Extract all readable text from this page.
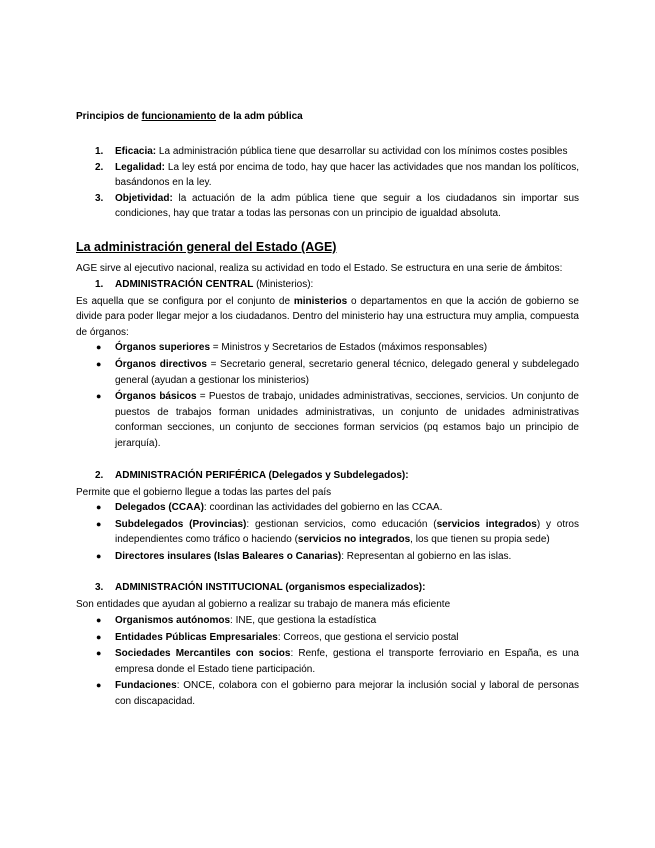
Principios de funcionamiento de la adm pública

1. Eficacia: La administración pública tiene que desarrollar su actividad con los mínimos costes posibles
2. Legalidad: La ley está por encima de todo, hay que hacer las actividades que nos mandan los políticos, basándonos en la ley.
3. Objetividad: la actuación de la adm pública tiene que seguir a los ciudadanos sin importar sus condiciones, hay que tratar a todas las personas con un principio de igualdad absoluta.

La administración general del Estado (AGE)

AGE sirve al ejecutivo nacional, realiza su actividad en todo el Estado. Se estructura en una serie de ámbitos:

1. ADMINISTRACIÓN CENTRAL (Ministerios):

Es aquella que se configura por el conjunto de ministerios o departamentos en que la acción de gobierno se divide para poder llegar mejor a los ciudadanos. Dentro del ministerio hay una estructura muy amplia, compuesta de órganos:

● Órganos superiores = Ministros y Secretarios de Estados (máximos responsables)
● Órganos directivos = Secretario general, secretario general técnico, delegado general y subdelegado general (ayudan a gestionar los ministerios)
● Órganos básicos = Puestos de trabajo, unidades administrativas, secciones, servicios. Un conjunto de puestos de trabajos forman unidades administrativas, un conjunto de unidades administrativas conforman secciones, un conjunto de secciones forman servicios (pq estamos bajo un principio de jerarquía).

2. ADMINISTRACIÓN PERIFÉRICA (Delegados y Subdelegados):

Permite que el gobierno llegue a todas las partes del país

● Delegados (CCAA): coordinan las actividades del gobierno en las CCAA.
● Subdelegados (Provincias): gestionan servicios, como educación (servicios integrados) y otros independientes como tráfico o haciendo (servicios no integrados, los que tienen su propia sede)
● Directores insulares (Islas Baleares o Canarias): Representan al gobierno en las islas.

3. ADMINISTRACIÓN INSTITUCIONAL (organismos especializados):

Son entidades que ayudan al gobierno a realizar su trabajo de manera más eficiente

● Organismos autónomos: INE, que gestiona la estadística
● Entidades Públicas Empresariales: Correos, que gestiona el servicio postal
● Sociedades Mercantiles con socios: Renfe, gestiona el transporte ferroviario en España, es una empresa donde el Estado tiene participación.
● Fundaciones: ONCE, colabora con el gobierno para mejorar la inclusión social y laboral de personas con discapacidad.
